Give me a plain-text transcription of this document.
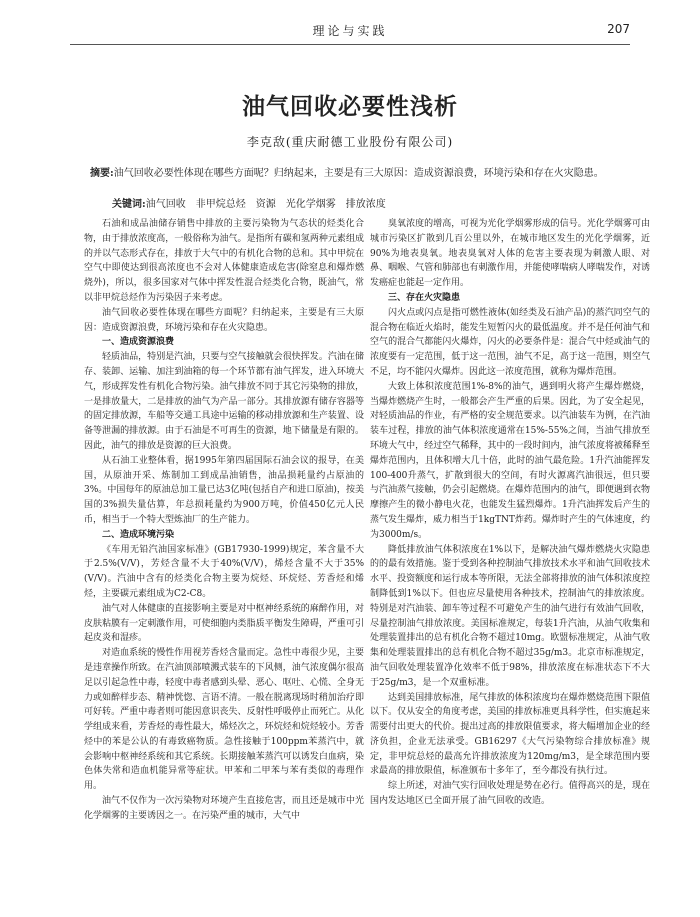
理论与实践	207
油气回收必要性浅析
李克敌(重庆耐德工业股份有限公司)
摘要:油气回收必要性体现在哪些方面呢？归纳起来，主要是有三大原因：造成资源浪费，环境污染和存在火灾隐患。
关键词:油气回收　非甲烷总烃　资源　光化学烟雾　排放浓度

石油和成品油储存销售中排放的主要污染物为气态状的烃类化合物，由于排放浓度高，一般俗称为油气。是指所有碳和氢两种元素组成的并以气态形式存在，排放于大气中的有机化合物的总和。其中甲烷在空气中即使达到很高浓度也不会对人体健康造成危害(除窒息和爆炸燃烧外)，所以，很多国家对气体中挥发性混合烃类化合物，既油气，常以非甲烷总烃作为污染因子来考虑。

油气回收必要性体现在哪些方面呢？归纳起来，主要是有三大原因：造成资源浪费，环境污染和存在火灾隐患。

一、造成资源浪费

轻质油品，特别是汽油，只要与空气接触就会很快挥发。汽油在储存、装卸、运输、加注到油箱的每一个环节都有油气挥发，进入环境大气，形成挥发性有机化合物污染。油气排放不同于其它污染物的排放，一是排放量大，二是排放的油气为产品一部分。其排放源有储存容器等的固定排放源，车船等交通工具途中运输的移动排放源和生产装置、设备等泄漏的排放源。由于石油是不可再生的资源，地下储量是有限的。因此，油气的排放是资源的巨大浪费。

从石油工业整体看，据1995年第四届国际石油会议的报导，在美国，从原油开采、炼制加工到成品油销售，油品损耗量约占原油的3%。中国每年的原油总加工量已达3亿吨(包括自产和进口原油)，按美国的3%损失量估算，年总损耗量约为900万吨，价值450亿元人民币，相当于一个特大型炼油厂的生产能力。

二、造成环境污染

《车用无铅汽油国家标准》(GB17930-1999)规定，苯含量不大于2.5%(V/V)，芳烃含量不大于40%(V/V)，烯烃含量不大于35%(V/V)。汽油中含有的烃类化合物主要为烷烃、环烷烃、芳香烃和烯烃，主要碳元素组成为C2-C8。

油气对人体健康的直接影响主要是对中枢神经系统的麻醉作用，对皮肤粘膜有一定刺激作用，可使细胞内类脂质平衡发生障碍，严重可引起皮炎和湿疹。

对造血系统的慢性作用视芳香烃含量而定。急性中毒很少见，主要是违章操作所致。在汽油顶部喷溅式装车的下风侧，油气浓度偶尔很高足以引起急性中毒，轻度中毒者感到头晕、恶心、呕吐、心慌、全身无力或如醉样步态、精神恍惚、言语不清。一般在脱离现场时稍加治疗即可好转。严重中毒者则可能因意识丧失、反射性呼吸停止而死亡。从化学组成来看，芳香烃的毒性最大，烯烃次之，环烷烃和烷烃较小。芳香烃中的苯是公认的有毒致癌物质。急性接触于100ppm苯蒸汽中，就会影响中枢神经系统和其它系统。长期接触苯蒸汽可以诱发白血病，染色体失常和造血机能异常等症状。甲苯和二甲苯与苯有类似的毒理作用。

油气不仅作为一次污染物对环境产生直接危害，而且还是城市中光化学烟雾的主要诱因之一。在污染严重的城市，大气中

臭氧浓度的增高，可视为光化学烟雾形成的信号。光化学烟雾可由城市污染区扩散到几百公里以外，在城市地区发生的光化学烟雾，近90%为地表臭氧。地表臭氧对人体的危害主要表现为刺激人眼、对鼻、咽喉、气管和肺部也有刺激作用，并能使哮喘病人哮喘发作，对诱发癌症也能起一定作用。

三、存在火灾隐患

闪火点或闪点是指可燃性液体(如经类及石油产品)的蒸汽同空气的混合物在临近火焰时，能发生短暂闪火的最低温度。并不是任何油气和空气的混合气都能闪火爆炸，闪火的必要条件是：混合气中烃或油气的浓度要有一定范围，低于这一范围，油气不足，高于这一范围，则空气不足，均不能闪火爆炸。因此这一浓度范围，就称为爆炸范围。

大致上体积浓度范围1%-8%的油气，遇到明火将产生爆炸燃烧，当爆炸燃烧产生时，一般都会产生严重的后果。因此，为了安全起见，对轻质油品的作业，有严格的安全规范要求。以汽油装车为例，在汽油装车过程，排放的油气体积浓度通常在15%-55%之间，当油气排放至环境大气中，经过空气稀释，其中的一段时间内，油气浓度将被稀释至爆炸范围内，且体积增大几十倍，此时的油气最危险。1升汽油能挥发100-400升蒸气，扩散到很大的空间，有时火源离汽油很远，但只要与汽油蒸气接触，仍会引起燃烧。在爆炸范围内的油气，即便遇到衣物摩擦产生的微小静电火花，也能发生猛烈爆炸。1升汽油挥发后产生的蒸气发生爆炸，威力相当于1kgTNT炸药。爆炸时产生的气体速度，约为3000m/s。

降低排放油气体积浓度在1%以下，是解决油气爆炸燃烧火灾隐患的的最有效措施。鉴于受到各种控制油气排放技术水平和油气回收技术水平、投资额度和运行成本等所限，无法全部将排放的油气体积浓度控制降低到1%以下。但也应尽量使用各种技术，控制油气的排放浓度。特别是对汽油装、卸车等过程不可避免产生的油气进行有效油气回收，尽量控制油气排放浓度。美国标准规定，每装1升汽油，从油气收集和处理装置排出的总有机化合物不超过10mg。欧盟标准规定，从油气收集和处理装置排出的总有机化合物不超过35g/m3。北京市标准规定，油气回收处理装置净化效率不低于98%，排放浓度在标准状态下不大于25g/m3，是一个双重标准。

达到美国排放标准，尾气排放的体积浓度均在爆炸燃烧范围下限值以下。仅从安全的角度考虑，美国的排放标准更具科学性，但实施起来需要付出更大的代价。提出过高的排放限值要求，将大幅增加企业的经济负担，企业无法承受。GB16297《大气污染物综合排放标准》规定，非甲烷总烃的最高允许排放浓度为120mg/m3，是全球范围内要求最高的排放限值，标准颁布十多年了，至今都没有执行过。

综上所述，对油气实行回收处理是势在必行。值得高兴的是，现在国内发达地区已全面开展了油气回收的改造。
